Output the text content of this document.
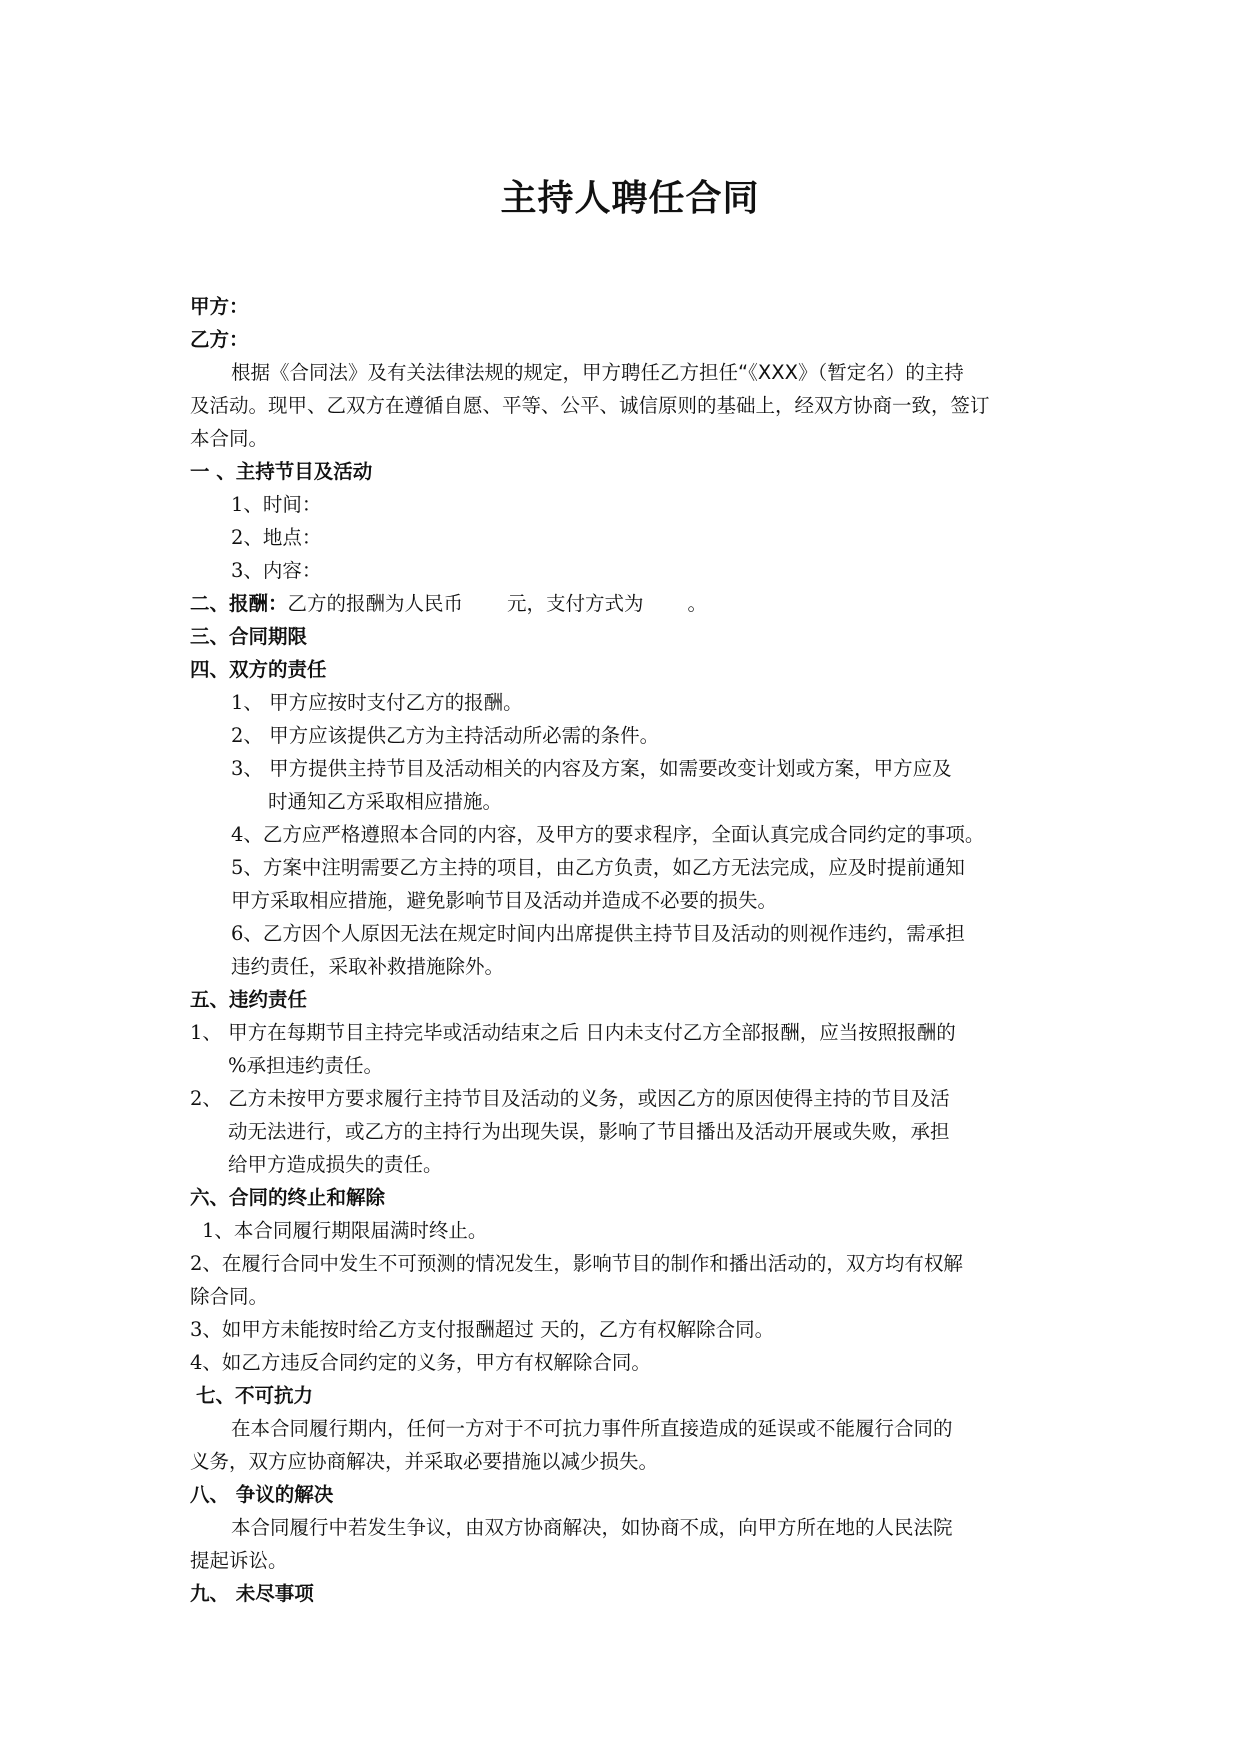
主持人聘任合同
甲方：
乙方：
根据《合同法》及有关法律法规的规定，甲方聘任乙方担任“《XXX》（暂定名）的主持
及活动。现甲、乙双方在遵循自愿、平等、公平、诚信原则的基础上，经双方协商一致，签订
本合同。
一 、主持节目及活动
1、时间：
2、地点：
3、内容：
二、报酬：乙方的报酬为人民币 元，支付方式为 。
三、合同期限
四、双方的责任
1、 甲方应按时支付乙方的报酬。
2、 甲方应该提供乙方为主持活动所必需的条件。
3、 甲方提供主持节目及活动相关的内容及方案，如需要改变计划或方案，甲方应及
时通知乙方采取相应措施。
4、乙方应严格遵照本合同的内容，及甲方的要求程序，全面认真完成合同约定的事项。
5、方案中注明需要乙方主持的项目，由乙方负责，如乙方无法完成，应及时提前通知
甲方采取相应措施，避免影响节目及活动并造成不必要的损失。
6、乙方因个人原因无法在规定时间内出席提供主持节目及活动的则视作违约，需承担
违约责任，采取补救措施除外。
五、违约责任
1、 甲方在每期节目主持完毕或活动结束之后 日内未支付乙方全部报酬，应当按照报酬的
%承担违约责任。
2、 乙方未按甲方要求履行主持节目及活动的义务，或因乙方的原因使得主持的节目及活
动无法进行，或乙方的主持行为出现失误，影响了节目播出及活动开展或失败，承担
给甲方造成损失的责任。
六、合同的终止和解除
1、本合同履行期限届满时终止。
2、在履行合同中发生不可预测的情况发生，影响节目的制作和播出活动的，双方均有权解
除合同。
3、如甲方未能按时给乙方支付报酬超过 天的，乙方有权解除合同。
4、如乙方违反合同约定的义务，甲方有权解除合同。
七、不可抗力
在本合同履行期内，任何一方对于不可抗力事件所直接造成的延误或不能履行合同的
义务，双方应协商解决，并采取必要措施以减少损失。
八、 争议的解决
本合同履行中若发生争议，由双方协商解决，如协商不成，向甲方所在地的人民法院
提起诉讼。
九、 未尽事项
